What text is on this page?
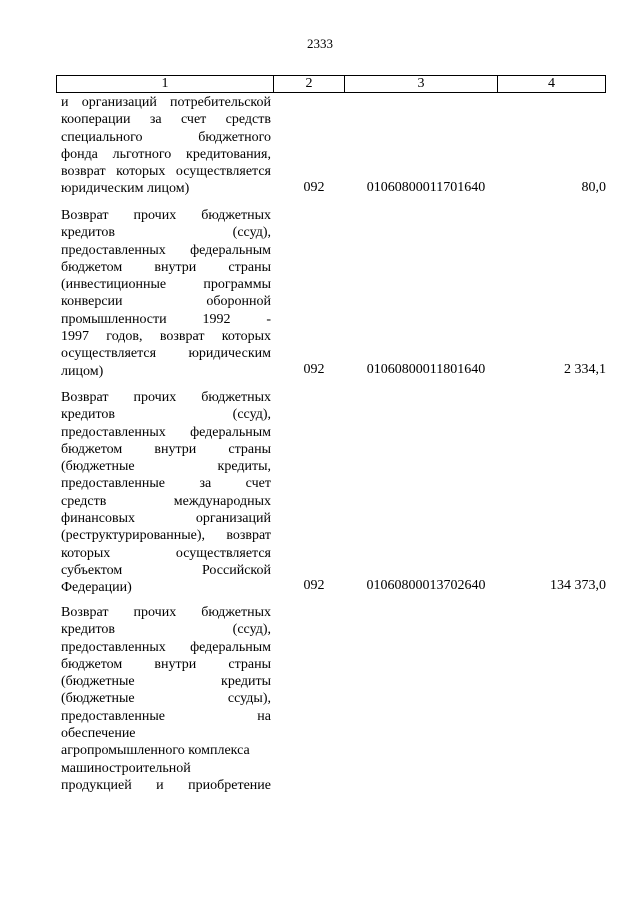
2333
1	2	3	4
и организаций потребительской
кооперации за счет средств
специального бюджетного
фонда льготного кредитования,
возврат которых осуществляется
юридическим лицом)	092	01060800011701640	80,0
Возврат прочих бюджетных
кредитов (ссуд),
предоставленных федеральным
бюджетом внутри страны
(инвестиционные программы
конверсии оборонной
промышленности 1992 -
1997 годов, возврат которых
осуществляется юридическим
лицом)	092	01060800011801640	2 334,1
Возврат прочих бюджетных
кредитов (ссуд),
предоставленных федеральным
бюджетом внутри страны
(бюджетные кредиты,
предоставленные за счет
средств международных
финансовых организаций
(реструктурированные), возврат
которых осуществляется
субъектом Российской
Федерации)	092	01060800013702640	134 373,0
Возврат прочих бюджетных
кредитов (ссуд),
предоставленных федеральным
бюджетом внутри страны
(бюджетные кредиты
(бюджетные ссуды),
предоставленные на
обеспечение
агропромышленного комплекса
машиностроительной
продукцией и приобретение
